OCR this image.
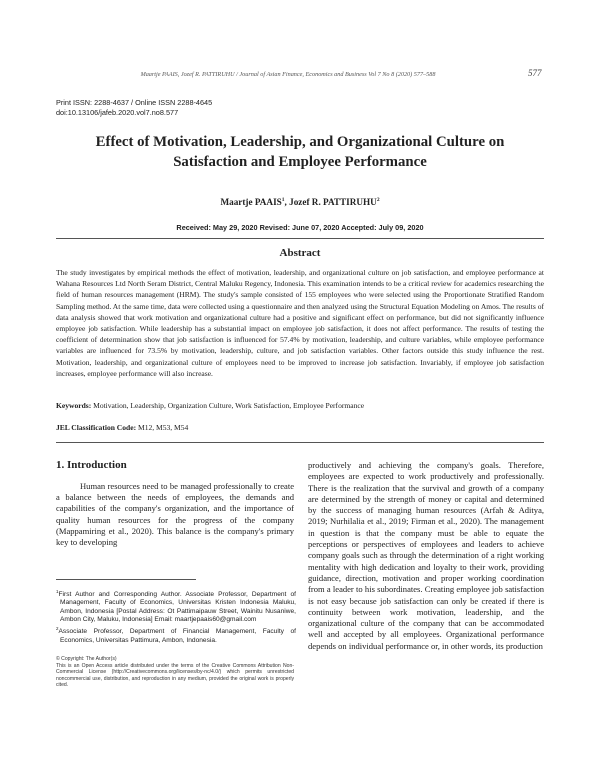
Maartje PAAIS, Jozef R. PATTIRUHU / Journal of Asian Finance, Economics and Business Vol 7 No 8 (2020) 577–588	577
Print ISSN: 2288-4637 / Online ISSN 2288-4645
doi:10.13106/jafeb.2020.vol7.no8.577
Effect of Motivation, Leadership, and Organizational Culture on Satisfaction and Employee Performance
Maartje PAAIS$^1$, Jozef R. PATTIRUHU$^2$
Received: May 29, 2020 Revised: June 07, 2020 Accepted: July 09, 2020
Abstract
The study investigates by empirical methods the effect of motivation, leadership, and organizational culture on job satisfaction, and employee performance at Wahana Resources Ltd North Seram District, Central Maluku Regency, Indonesia. This examination intends to be a critical review for academics researching the field of human resources management (HRM). The study's sample consisted of 155 employees who were selected using the Proportionate Stratified Random Sampling method. At the same time, data were collected using a questionnaire and then analyzed using the Structural Equation Modeling on Amos. The results of data analysis showed that work motivation and organizational culture had a positive and significant effect on performance, but did not significantly influence employee job satisfaction. While leadership has a substantial impact on employee job satisfaction, it does not affect performance. The results of testing the coefficient of determination show that job satisfaction is influenced for 57.4% by motivation, leadership, and culture variables, while employee performance variables are influenced for 73.5% by motivation, leadership, culture, and job satisfaction variables. Other factors outside this study influence the rest. Motivation, leadership, and organizational culture of employees need to be improved to increase job satisfaction. Invariably, if employee job satisfaction increases, employee performance will also increase.
Keywords: Motivation, Leadership, Organization Culture, Work Satisfaction, Employee Performance
JEL Classification Code: M12, M53, M54
1. Introduction
Human resources need to be managed professionally to create a balance between the needs of employees, the demands and capabilities of the company's organization, and the importance of quality human resources for the progress of the company (Mappamiring et al., 2020). This balance is the company's primary key to developing
productively and achieving the company's goals. Therefore, employees are expected to work productively and professionally. There is the realization that the survival and growth of a company are determined by the strength of money or capital and determined by the success of managing human resources (Arfah & Aditya, 2019; Nurhilalia et al., 2019; Firman et al., 2020). The management in question is that the company must be able to equate the perceptions or perspectives of employees and leaders to achieve company goals such as through the determination of a right working mentality with high dedication and loyalty to their work, providing guidance, direction, motivation and proper working coordination from a leader to his subordinates. Creating employee job satisfaction is not easy because job satisfaction can only be created if there is continuity between work motivation, leadership, and the organizational culture of the company that can be accommodated well and accepted by all employees. Organizational performance depends on individual performance or, in other words, its production

$^1$First Author and Corresponding Author. Associate Professor, Department of Management, Faculty of Economics, Universitas Kristen Indonesia Maluku, Ambon, Indonesia [Postal Address: Ot Pattimaipauw Street, Wainitu Nusaniwe, Ambon City, Maluku, Indonesia] Email: maartjepaais60@gmail.com

$^2$Associate Professor, Department of Financial Management, Faculty of Economics, Universitas Pattimura, Ambon, Indonesia.

© Copyright: The Author(s)

This is an Open Access article distributed under the terms of the Creative Commons Attribution Non-Commercial License (http://Creativecommons.org/licenses/by-nc/4.0/) which permits unrestricted noncommercial use, distribution, and reproduction in any medium, provided the original work is properly cited.
